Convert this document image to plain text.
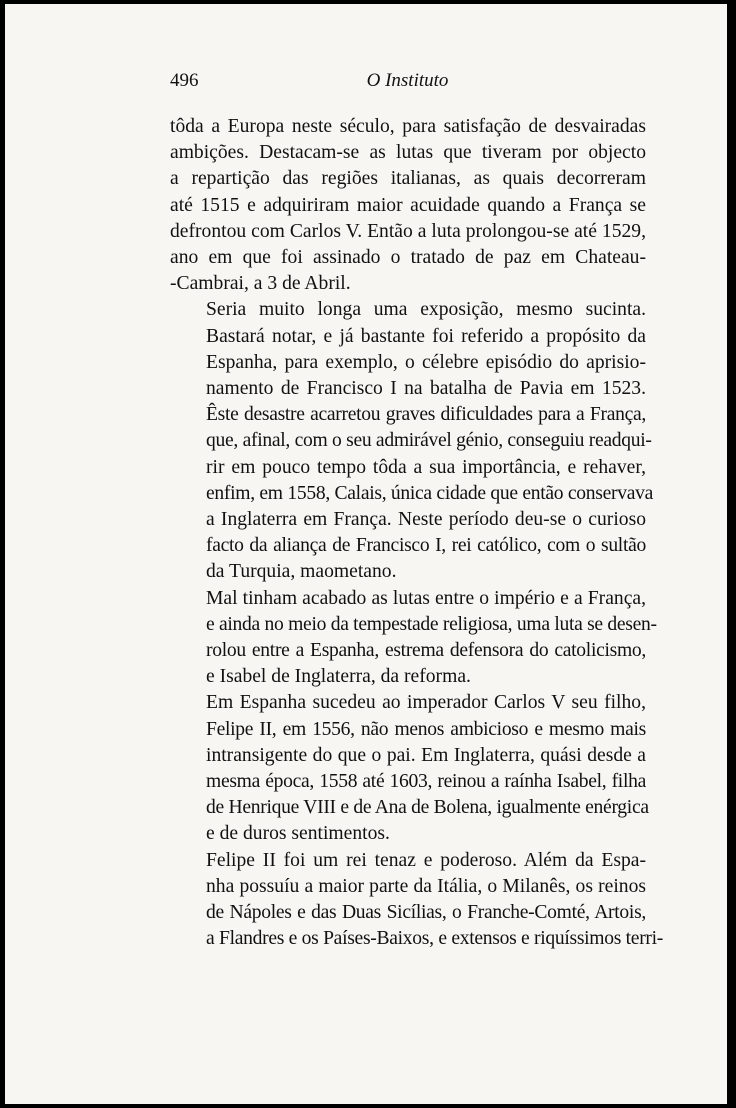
496	O Instituto

tôda a Europa neste século, para satisfação de desvairadas
ambições. Destacam-se as lutas que tiveram por objecto
a repartição das regiões italianas, as quais decorreram
até 1515 e adquiriram maior acuidade quando a França se
defrontou com Carlos V. Então a luta prolongou-se até 1529,
ano em que foi assinado o tratado de paz em Chateau-
-Cambrai, a 3 de Abril.

Seria muito longa uma exposição, mesmo sucinta.
Bastará notar, e já bastante foi referido a propósito da
Espanha, para exemplo, o célebre episódio do aprisio-
namento de Francisco I na batalha de Pavia em 1523.
Êste desastre acarretou graves dificuldades para a França,
que, afinal, com o seu admirável génio, conseguiu readqui-
rir em pouco tempo tôda a sua importância, e rehaver,
enfim, em 1558, Calais, única cidade que então conservava
a Inglaterra em França. Neste período deu-se o curioso
facto da aliança de Francisco I, rei católico, com o sultão
da Turquia, maometano.

Mal tinham acabado as lutas entre o império e a França,
e ainda no meio da tempestade religiosa, uma luta se desen-
rolou entre a Espanha, estrema defensora do catolicismo,
e Isabel de Inglaterra, da reforma.

Em Espanha sucedeu ao imperador Carlos V seu filho,
Felipe II, em 1556, não menos ambicioso e mesmo mais
intransigente do que o pai. Em Inglaterra, quási desde a
mesma época, 1558 até 1603, reinou a raínha Isabel, filha
de Henrique VIII e de Ana de Bolena, igualmente enérgica
e de duros sentimentos.

Felipe II foi um rei tenaz e poderoso. Além da Espa-
nha possuíu a maior parte da Itália, o Milanês, os reinos
de Nápoles e das Duas Sicílias, o Franche-Comté, Artois,
a Flandres e os Países-Baixos, e extensos e riquíssimos terri-
